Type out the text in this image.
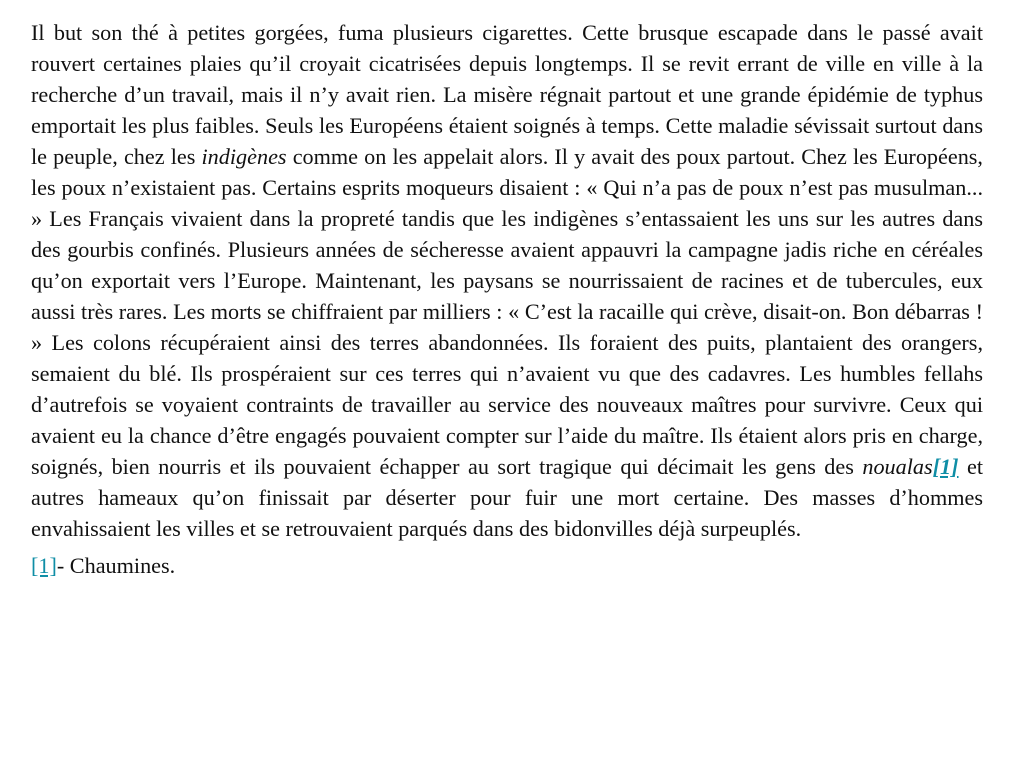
Il but son thé à petites gorgées, fuma plusieurs cigarettes. Cette brusque escapade dans le passé avait rouvert certaines plaies qu’il croyait cicatrisées depuis longtemps. Il se revit errant de ville en ville à la recherche d’un travail, mais il n’y avait rien. La misère régnait partout et une grande épidémie de typhus emportait les plus faibles. Seuls les Européens étaient soignés à temps. Cette maladie sévissait surtout dans le peuple, chez les indigènes comme on les appelait alors. Il y avait des poux partout. Chez les Européens, les poux n’existaient pas. Certains esprits moqueurs disaient : « Qui n’a pas de poux n’est pas musulman... » Les Français vivaient dans la propreté tandis que les indigènes s’entassaient les uns sur les autres dans des gourbis confinés. Plusieurs années de sécheresse avaient appauvri la campagne jadis riche en céréales qu’on exportait vers l’Europe. Maintenant, les paysans se nourrissaient de racines et de tubercules, eux aussi très rares. Les morts se chiffraient par milliers : « C’est la racaille qui crève, disait-on. Bon débarras ! » Les colons récupéraient ainsi des terres abandonnées. Ils foraient des puits, plantaient des orangers, semaient du blé. Ils prospéraient sur ces terres qui n’avaient vu que des cadavres. Les humbles fellahs d’autrefois se voyaient contraints de travailler au service des nouveaux maîtres pour survivre. Ceux qui avaient eu la chance d’être engagés pouvaient compter sur l’aide du maître. Ils étaient alors pris en charge, soignés, bien nourris et ils pouvaient échapper au sort tragique qui décimait les gens des noualas[1] et autres hameaux qu’on finissait par déserter pour fuir une mort certaine. Des masses d’hommes envahissaient les villes et se retrouvaient parqués dans des bidonvilles déjà surpeuplés.

[1]- Chaumines.
